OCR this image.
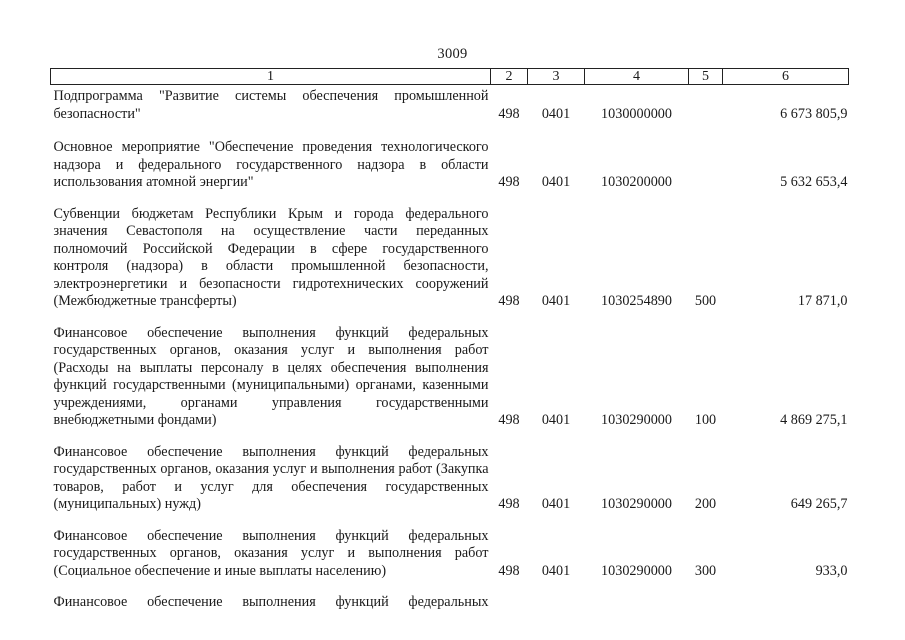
3009
1	2	3	4	5	6

Подпрограмма "Развитие системы обеспечения промышленной безопасности"	498	0401	1030000000		6 673 805,9

Основное мероприятие "Обеспечение проведения технологического надзора и федерального государственного надзора в области использования атомной энергии"	498	0401	1030200000		5 632 653,4

Субвенции бюджетам Республики Крым и города федерального значения Севастополя на осуществление части переданных полномочий Российской Федерации в сфере государственного контроля (надзора) в области промышленной безопасности, электроэнергетики и безопасности гидротехнических сооружений (Межбюджетные трансферты)	498	0401	1030254890	500	17 871,0

Финансовое обеспечение выполнения функций федеральных государственных органов, оказания услуг и выполнения работ (Расходы на выплаты персоналу в целях обеспечения выполнения функций государственными (муниципальными) органами, казенными учреждениями, органами управления государственными внебюджетными фондами)	498	0401	1030290000	100	4 869 275,1

Финансовое обеспечение выполнения функций федеральных государственных органов, оказания услуг и выполнения работ (Закупка товаров, работ и услуг для обеспечения государственных (муниципальных) нужд)	498	0401	1030290000	200	649 265,7

Финансовое обеспечение выполнения функций федеральных государственных органов, оказания услуг и выполнения работ (Социальное обеспечение и иные выплаты населению)	498	0401	1030290000	300	933,0

Финансовое обеспечение выполнения функций федеральных					
